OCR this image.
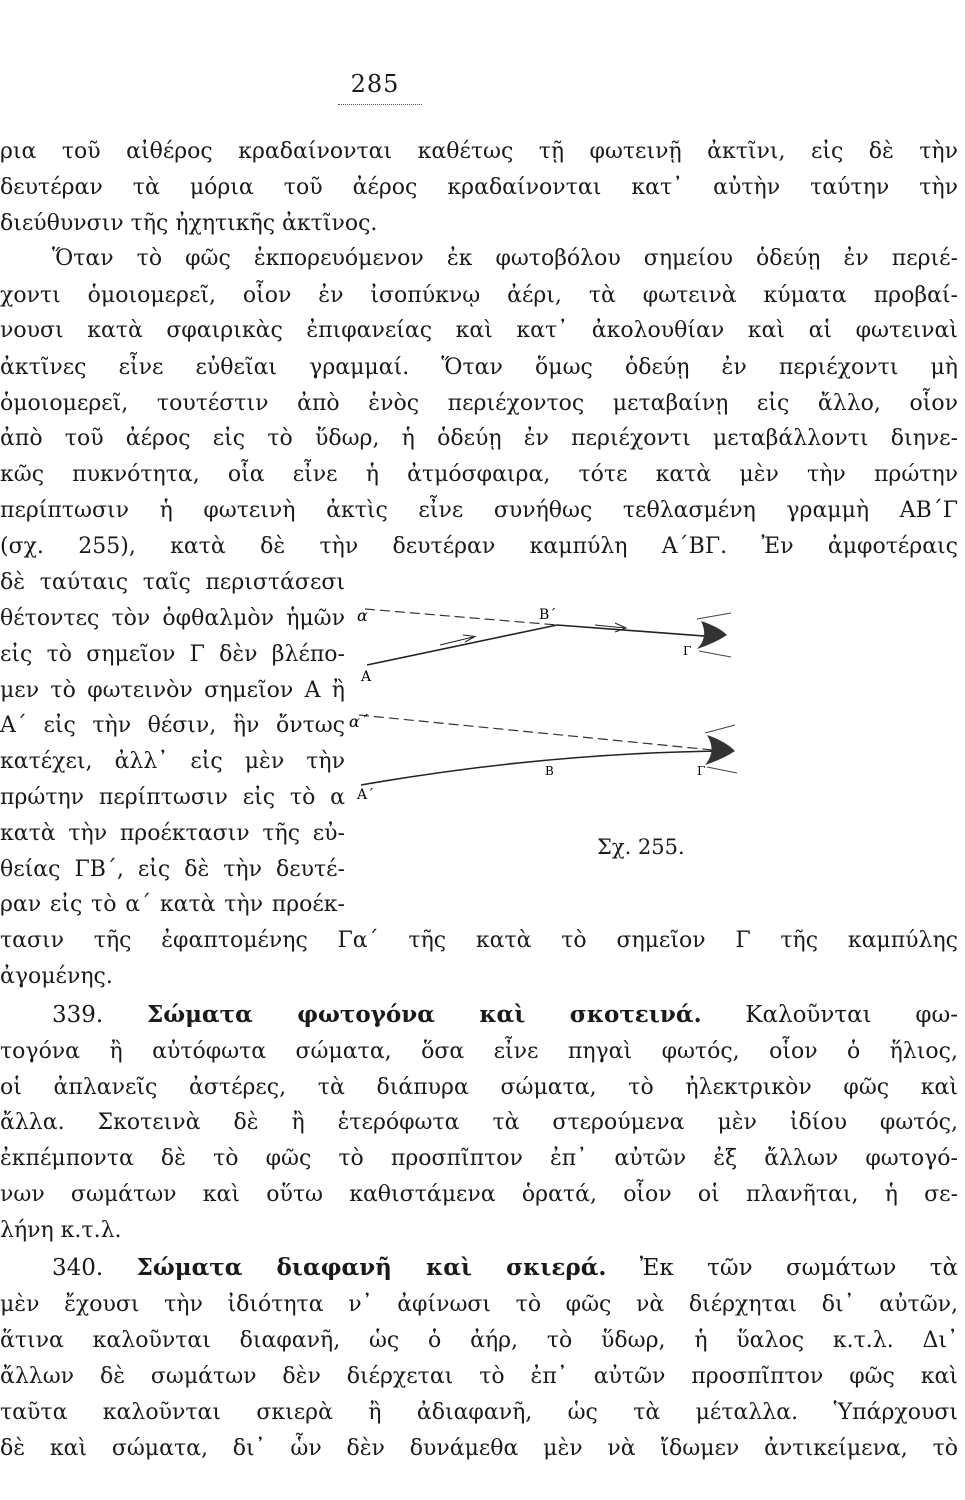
285
ρια τοῦ αἰθέρος κραδαίνονται καθέτως τῇ φωτεινῇ ἀκτῖνι, εἰς δὲ τὴν
δευτέραν τὰ μόρια τοῦ ἀέρος κραδαίνονται κατ᾽ αὐτὴν ταύτην τὴν
διεύθυνσιν τῆς ἠχητικῆς ἀκτῖνος.
Ὅταν τὸ φῶς ἐκπορευόμενον ἐκ φωτοβόλου σημείου ὁδεύῃ ἐν περιέ-
χοντι ὁμοιομερεῖ, οἷον ἐν ἰσοπύκνῳ ἀέρι, τὰ φωτεινὰ κύματα προβαί-
νουσι κατὰ σφαιρικὰς ἐπιφανείας καὶ κατ᾽ ἀκολουθίαν καὶ αἱ φωτειναὶ
ἀκτῖνες εἶνε εὐθεῖαι γραμμαί. Ὅταν ὅμως ὁδεύῃ ἐν περιέχοντι μὴ
ὁμοιομερεῖ, τουτέστιν ἀπὸ ἑνὸς περιέχοντος μεταβαίνῃ εἰς ἄλλο, οἷον
ἀπὸ τοῦ ἀέρος εἰς τὸ ὕδωρ, ἡ ὁδεύῃ ἐν περιέχοντι μεταβάλλοντι διηνε-
κῶς πυκνότητα, οἷα εἶνε ἡ ἀτμόσφαιρα, τότε κατὰ μὲν τὴν πρώτην
περίπτωσιν ἡ φωτεινὴ ἀκτὶς εἶνε συνήθως τεθλασμένη γραμμὴ ΑΒ΄Γ
(σχ. 255), κατὰ δὲ τὴν δευτέραν καμπύλη Α΄ΒΓ. Ἐν ἀμφοτέραις
δὲ ταύταις ταῖς περιστάσεσι
θέτοντες τὸν ὀφθαλμὸν ἡμῶν
εἰς τὸ σημεῖον Γ δὲν βλέπο-
μεν τὸ φωτεινὸν σημεῖον Α ἢ
Α΄ εἰς τὴν θέσιν, ἣν ὄντως
κατέχει, ἀλλ᾽ εἰς μὲν τὴν
πρώτην περίπτωσιν εἰς τὸ α
κατὰ τὴν προέκτασιν τῆς εὐ-
θείας ΓΒ΄, εἰς δὲ τὴν δευτέ-
ραν εἰς τὸ α΄ κατὰ τὴν προέκ-
α
Α
Β΄
Γ
α΄
Β	Γ
Α΄
Σχ. 255.
τασιν τῆς ἐφαπτομένης Γα΄ τῆς κατὰ τὸ σημεῖον Γ τῆς καμπύλης
ἀγομένης.
339. Σώματα φωτογόνα καὶ σκοτεινά. Καλοῦνται φω-
τογόνα ἢ αὐτόφωτα σώματα, ὅσα εἶνε πηγαὶ φωτός, οἷον ὁ ἥλιος,
οἱ ἀπλανεῖς ἀστέρες, τὰ διάπυρα σώματα, τὸ ἠλεκτρικὸν φῶς καὶ
ἄλλα. Σκοτεινὰ δὲ ἢ ἑτερόφωτα τὰ στερούμενα μὲν ἰδίου φωτός,
ἐκπέμποντα δὲ τὸ φῶς τὸ προσπῖπτον ἐπ᾽ αὐτῶν ἐξ ἄλλων φωτογό-
νων σωμάτων καὶ οὕτω καθιστάμενα ὁρατά, οἷον οἱ πλανῆται, ἡ σε-
λήνη κ.τ.λ.
340. Σώματα διαφανῆ καὶ σκιερά. Ἐκ τῶν σωμάτων τὰ
μὲν ἔχουσι τὴν ἰδιότητα ν᾽ ἀφίνωσι τὸ φῶς νὰ διέρχηται δι᾽ αὐτῶν,
ἅτινα καλοῦνται διαφανῆ, ὡς ὁ ἀήρ, τὸ ὕδωρ, ἡ ὕαλος κ.τ.λ. Δι᾽
ἄλλων δὲ σωμάτων δὲν διέρχεται τὸ ἐπ᾽ αὐτῶν προσπῖπτον φῶς καὶ
ταῦτα καλοῦνται σκιερὰ ἢ ἀδιαφανῆ, ὡς τὰ μέταλλα. Ὑπάρχουσι
δὲ καὶ σώματα, δι᾽ ὧν δὲν δυνάμεθα μὲν νὰ ἴδωμεν ἀντικείμενα, τὸ
